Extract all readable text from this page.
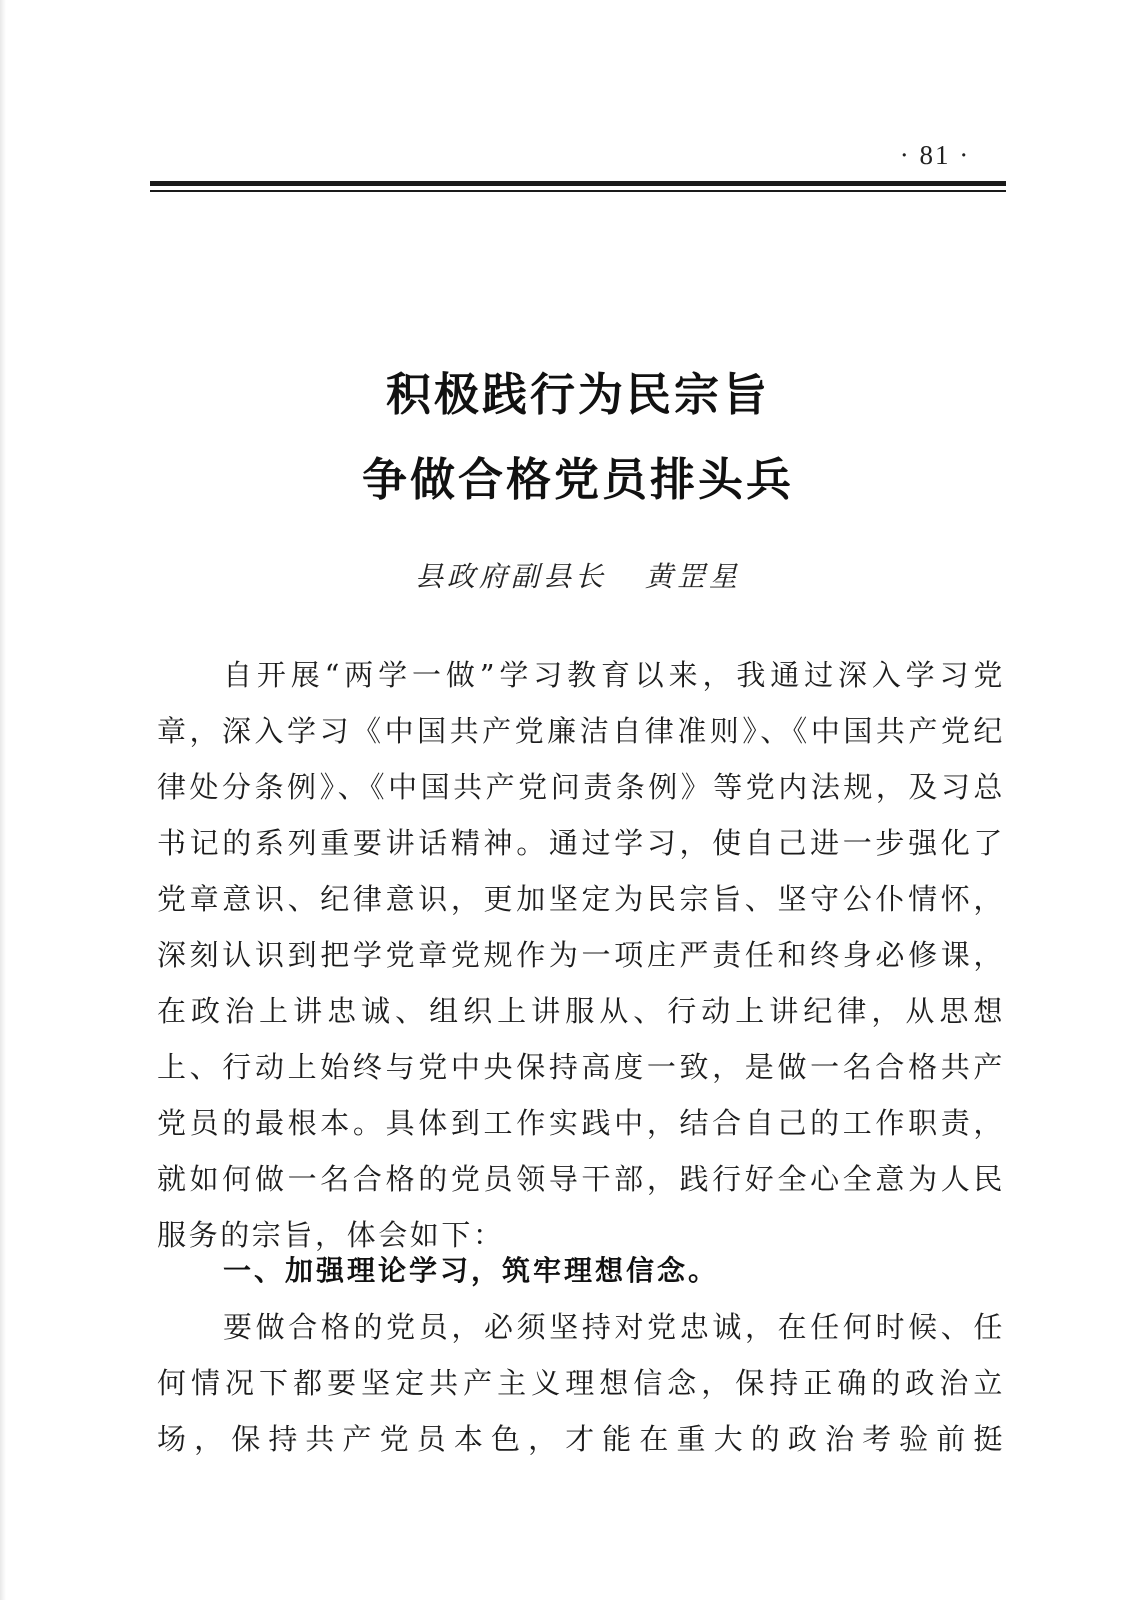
· 81 ·
积极践行为民宗旨
争做合格党员排头兵
县政府副县长 黄罡星

自开展“两学一做”学习教育以来，我通过深入学习党章，深入学习《中国共产党廉洁自律准则》、《中国共产党纪律处分条例》、《中国共产党问责条例》等党内法规，及习总书记的系列重要讲话精神。通过学习，使自己进一步强化了党章意识、纪律意识，更加坚定为民宗旨、坚守公仆情怀，深刻认识到把学党章党规作为一项庄严责任和终身必修课，在政治上讲忠诚、组织上讲服从、行动上讲纪律，从思想上、行动上始终与党中央保持高度一致，是做一名合格共产党员的最根本。具体到工作实践中，结合自己的工作职责，就如何做一名合格的党员领导干部，践行好全心全意为人民服务的宗旨，体会如下：

一、加强理论学习，筑牢理想信念。

要做合格的党员，必须坚持对党忠诚，在任何时候、任何情况下都要坚定共产主义理想信念，保持正确的政治立场，保持共产党员本色，才能在重大的政治考验前挺
